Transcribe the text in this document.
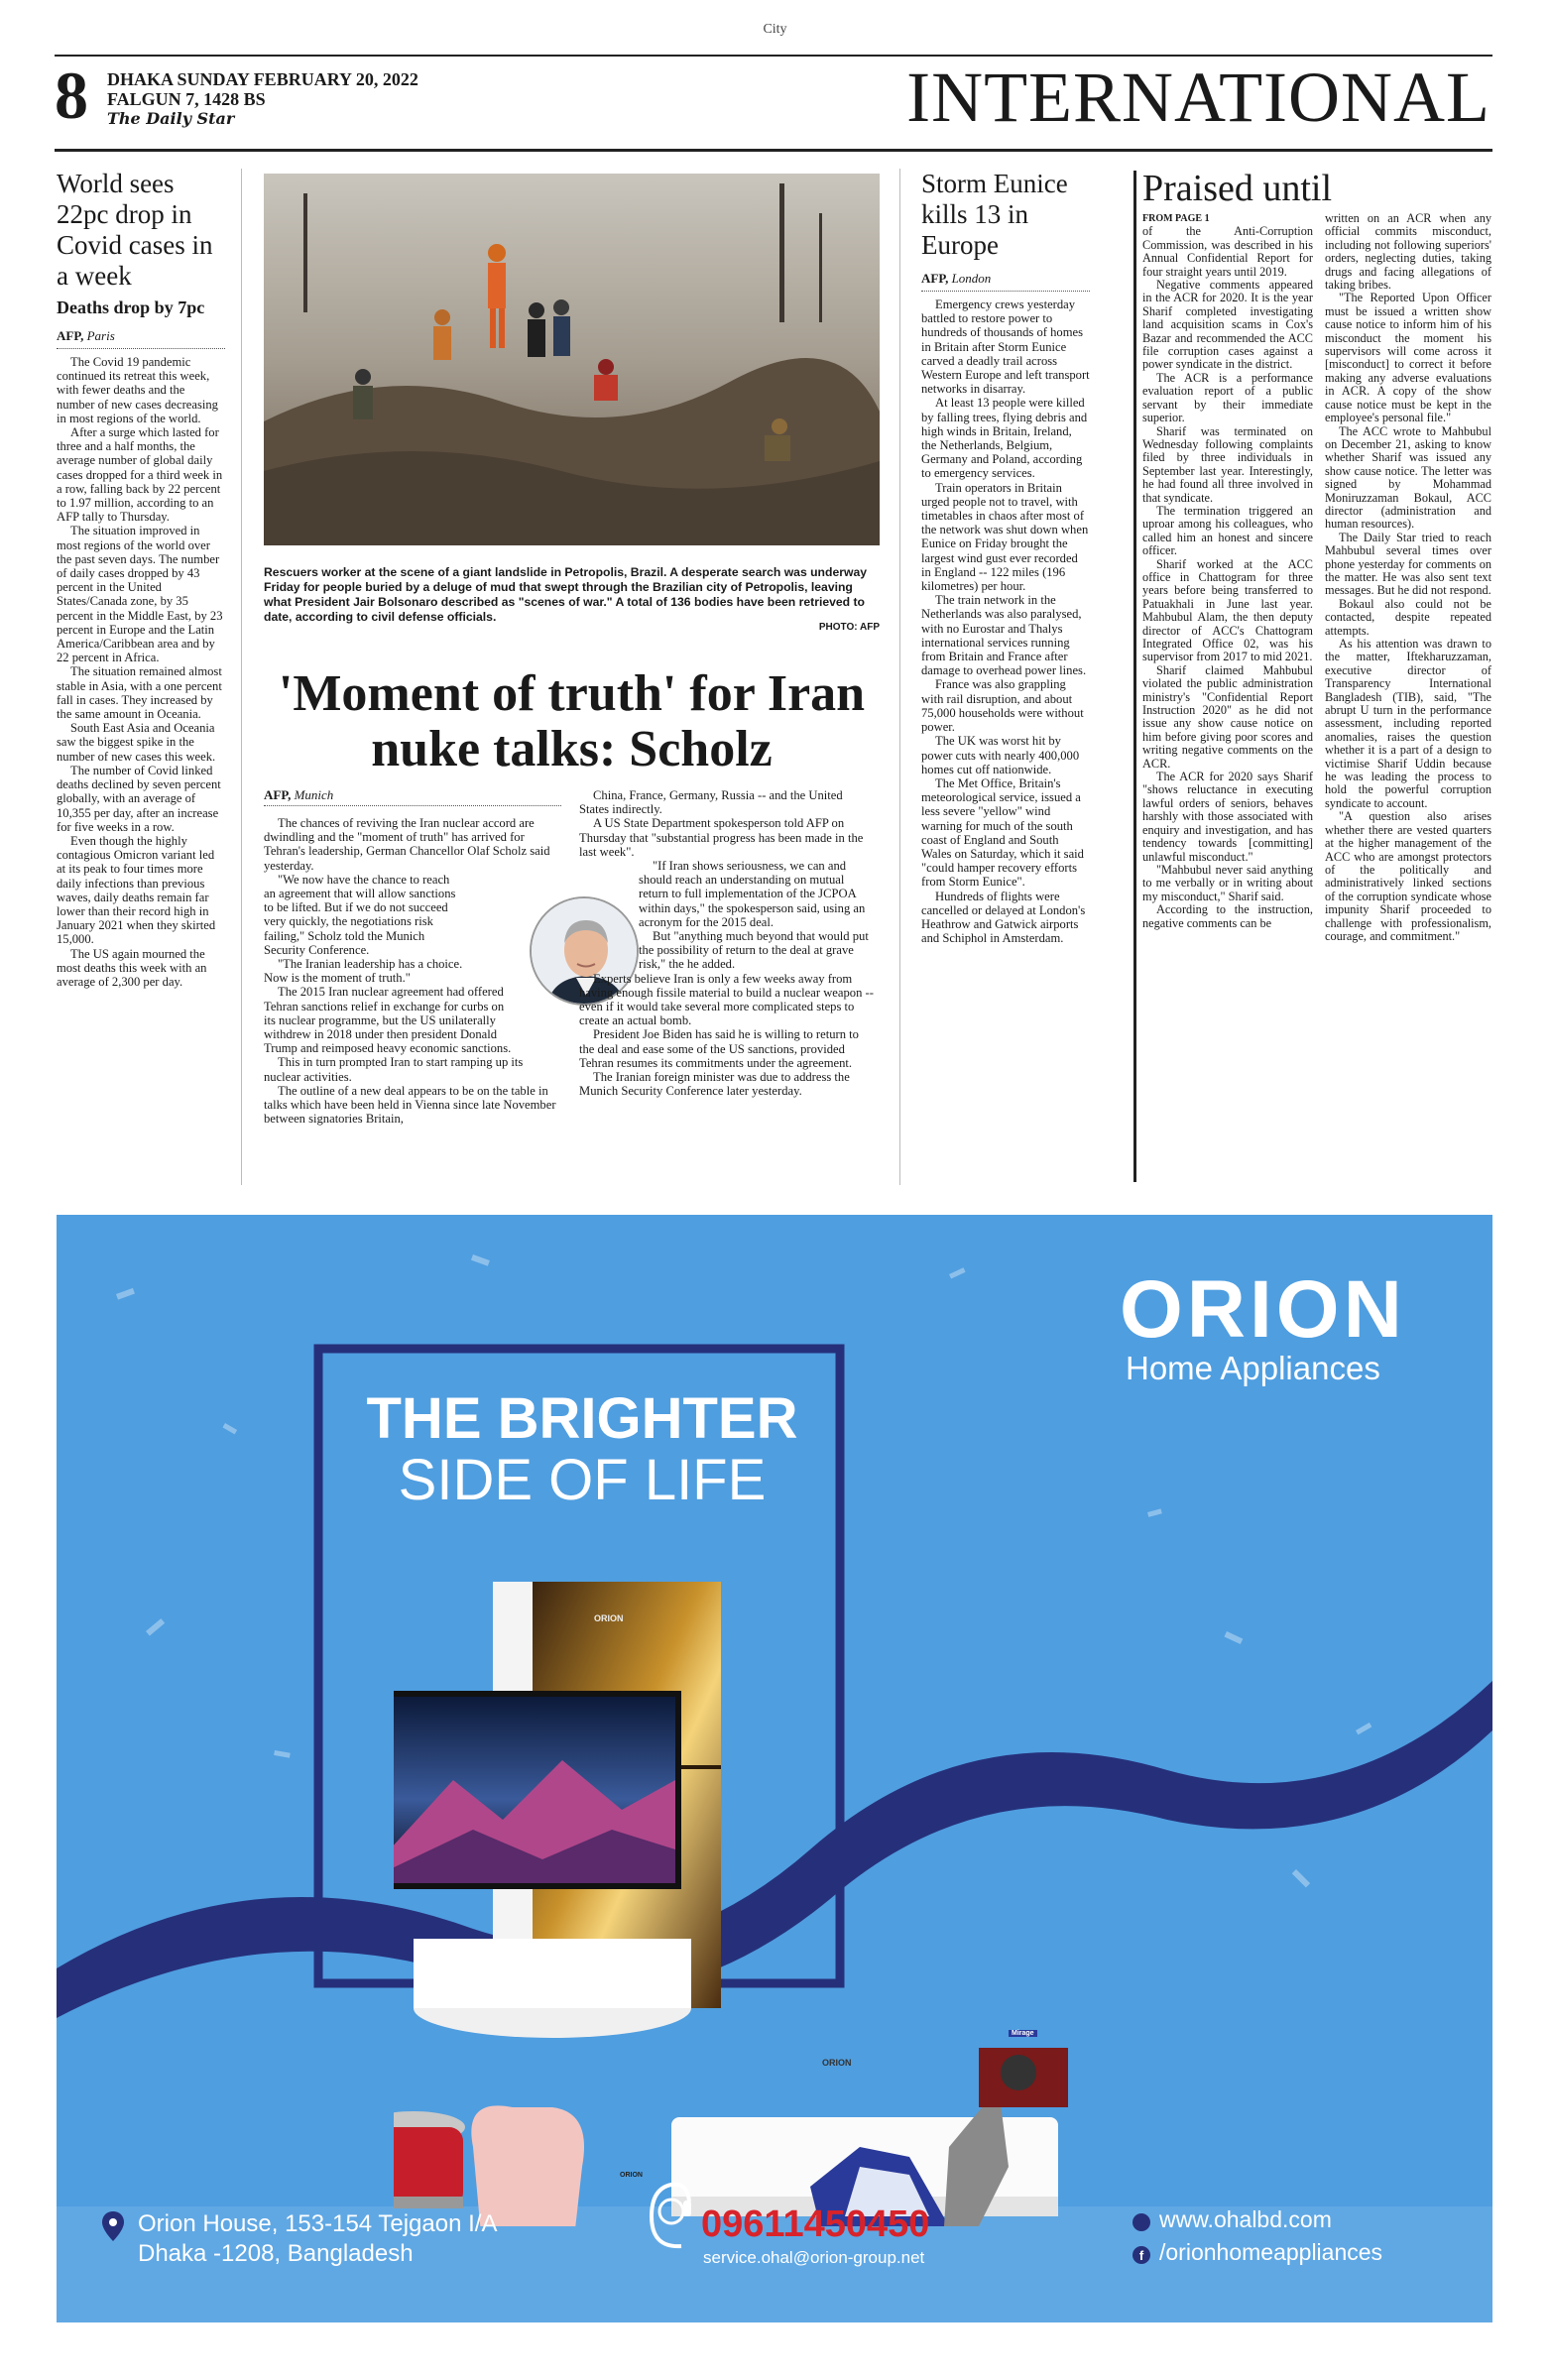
City
8 DHAKA SUNDAY FEBRUARY 20, 2022
FALGUN 7, 1428 BS
The Daily Star	INTERNATIONAL
World sees 22pc drop in Covid cases in a week
Deaths drop by 7pc
AFP, Paris

The Covid 19 pandemic continued its retreat this week, with fewer deaths and the number of new cases decreasing in most regions of the world.

After a surge which lasted for three and a half months, the average number of global daily cases dropped for a third week in a row, falling back by 22 percent to 1.97 million, according to an AFP tally to Thursday.

The situation improved in most regions of the world over the past seven days. The number of daily cases dropped by 43 percent in the United States/Canada zone, by 35 percent in the Middle East, by 23 percent in Europe and the Latin America/Caribbean area and by 22 percent in Africa.

The situation remained almost stable in Asia, with a one percent fall in cases. They increased by the same amount in Oceania.

South East Asia and Oceania saw the biggest spike in the number of new cases this week.

The number of Covid linked deaths declined by seven percent globally, with an average of 10,355 per day, after an increase for five weeks in a row.

Even though the highly contagious Omicron variant led at its peak to four times more daily infections than previous waves, daily deaths remain far lower than their record high in January 2021 when they skirted 15,000.

The US again mourned the most deaths this week with an average of 2,300 per day.

Rescuers worker at the scene of a giant landslide in Petropolis, Brazil. A desperate search was underway Friday for people buried by a deluge of mud that swept through the Brazilian city of Petropolis, leaving what President Jair Bolsonaro described as "scenes of war." A total of 136 bodies have been retrieved to date, according to civil defense officials.
PHOTO: AFP
'Moment of truth' for Iran nuke talks: Scholz
AFP, Munich

The chances of reviving the Iran nuclear accord are dwindling and the "moment of truth" has arrived for Tehran's leadership, German Chancellor Olaf Scholz said yesterday.

"We now have the chance to reach an agreement that will allow sanctions to be lifted. But if we do not succeed very quickly, the negotiations risk failing," Scholz told the Munich Security Conference.

"The Iranian leadership has a choice. Now is the moment of truth."

The 2015 Iran nuclear agreement had offered Tehran sanctions relief in exchange for curbs on its nuclear programme, but the US unilaterally withdrew in 2018 under then president Donald Trump and reimposed heavy economic sanctions.

This in turn prompted Iran to start ramping up its nuclear activities.

The outline of a new deal appears to be on the table in talks which have been held in Vienna since late November between signatories Britain,

China, France, Germany, Russia -- and the United States indirectly.

A US State Department spokesperson told AFP on Thursday that "substantial progress has been made in the last week".

"If Iran shows seriousness, we can and should reach an understanding on mutual return to full implementation of the JCPOA within days," the spokesperson said, using an acronym for the 2015 deal.

But "anything much beyond that would put the possibility of return to the deal at grave risk," the he added.

Experts believe Iran is only a few weeks away from having enough fissile material to build a nuclear weapon -- even if it would take several more complicated steps to create an actual bomb.

President Joe Biden has said he is willing to return to the deal and ease some of the US sanctions, provided Tehran resumes its commitments under the agreement.

The Iranian foreign minister was due to address the Munich Security Conference later yesterday.

Storm Eunice kills 13 in Europe
AFP, London

Emergency crews yesterday battled to restore power to hundreds of thousands of homes in Britain after Storm Eunice carved a deadly trail across Western Europe and left transport networks in disarray.

At least 13 people were killed by falling trees, flying debris and high winds in Britain, Ireland, the Netherlands, Belgium, Germany and Poland, according to emergency services.

Train operators in Britain urged people not to travel, with timetables in chaos after most of the network was shut down when Eunice on Friday brought the largest wind gust ever recorded in England -- 122 miles (196 kilometres) per hour.

The train network in the Netherlands was also paralysed, with no Eurostar and Thalys international services running from Britain and France after damage to overhead power lines.

France was also grappling with rail disruption, and about 75,000 households were without power.

The UK was worst hit by power cuts with nearly 400,000 homes cut off nationwide.

The Met Office, Britain's meteorological service, issued a less severe "yellow" wind warning for much of the south coast of England and South Wales on Saturday, which it said "could hamper recovery efforts from Storm Eunice".

Hundreds of flights were cancelled or delayed at London's Heathrow and Gatwick airports and Schiphol in Amsterdam.

Praised until
FROM PAGE 1

of the Anti-Corruption Commission, was described in his Annual Confidential Report for four straight years until 2019.

Negative comments appeared in the ACR for 2020. It is the year Sharif completed investigating land acquisition scams in Cox's Bazar and recommended the ACC file corruption cases against a power syndicate in the district.

The ACR is a performance evaluation report of a public servant by their immediate superior.

Sharif was terminated on Wednesday following complaints filed by three individuals in September last year. Interestingly, he had found all three involved in that syndicate.

The termination triggered an uproar among his colleagues, who called him an honest and sincere officer.

Sharif worked at the ACC office in Chattogram for three years before being transferred to Patuakhali in June last year. Mahbubul Alam, the then deputy director of ACC's Chattogram Integrated Office 02, was his supervisor from 2017 to mid 2021.

Sharif claimed Mahbubul violated the public administration ministry's "Confidential Report Instruction 2020" as he did not issue any show cause notice on him before giving poor scores and writing negative comments on the ACR.

The ACR for 2020 says Sharif "shows reluctance in executing lawful orders of seniors, behaves harshly with those associated with enquiry and investigation, and has tendency towards [committing] unlawful misconduct."

"Mahbubul never said anything to me verbally or in writing about my misconduct," Sharif said.

According to the instruction, negative comments can be

written on an ACR when any official commits misconduct, including not following superiors' orders, neglecting duties, taking drugs and facing allegations of taking bribes.

"The Reported Upon Officer must be issued a written show cause notice to inform him of his misconduct the moment his supervisors will come across it [misconduct] to correct it before making any adverse evaluations in ACR. A copy of the show cause notice must be kept in the employee's personal file."

The ACC wrote to Mahbubul on December 21, asking to know whether Sharif was issued any show cause notice. The letter was signed by Mohammad Moniruzzaman Bokaul, ACC director (administration and human resources).

The Daily Star tried to reach Mahbubul several times over phone yesterday for comments on the matter. He was also sent text messages. But he did not respond.

Bokaul also could not be contacted, despite repeated attempts.

As his attention was drawn to the matter, Iftekharuzzaman, executive director of Transparency International Bangladesh (TIB), said, "The abrupt U turn in the performance assessment, including reported anomalies, raises the question whether it is a part of a design to victimise Sharif Uddin because he was leading the process to hold the powerful corruption syndicate to account.

"A question also arises whether there are vested quarters at the higher management of the ACC who are amongst protectors of the politically and administratively linked sections of the corruption syndicate whose impunity Sharif proceeded to challenge with professionalism, courage, and commitment."

ORION
Home Appliances
THE BRIGHTER
SIDE OF LIFE
ORION
ORION
ORION
Mirage
Orion House, 153-154 Tejgaon I/A
Dhaka -1208, Bangladesh
09611450450
service.ohal@orion-group.net
www.ohalbd.com
f /orionhomeappliances
